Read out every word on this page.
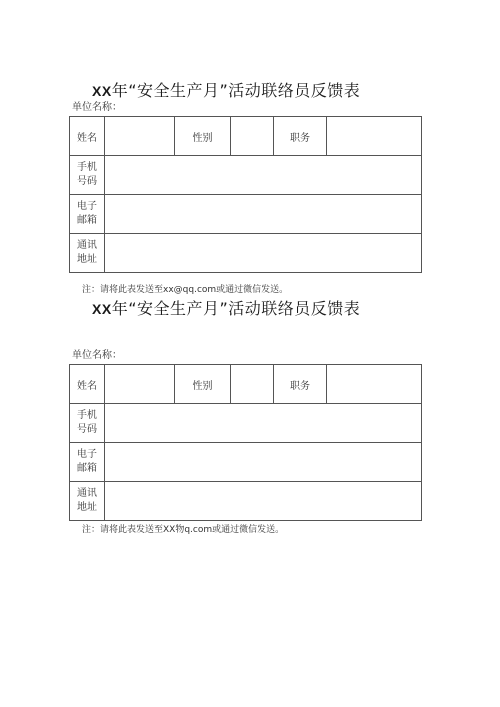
XX年“安全生产月”活动联络员反馈表
单位名称：
姓名		性别		职务	
手机
号码					
电子
邮箱					
通讯
地址					
注：请将此表发送至xx@qq.com或通过微信发送。
XX年“安全生产月”活动联络员反馈表
单位名称：
姓名		性别		职务	
手机
号码					
电子
邮箱					
通讯
地址					
注：请将此表发送至XX物q.com或通过微信发送。
